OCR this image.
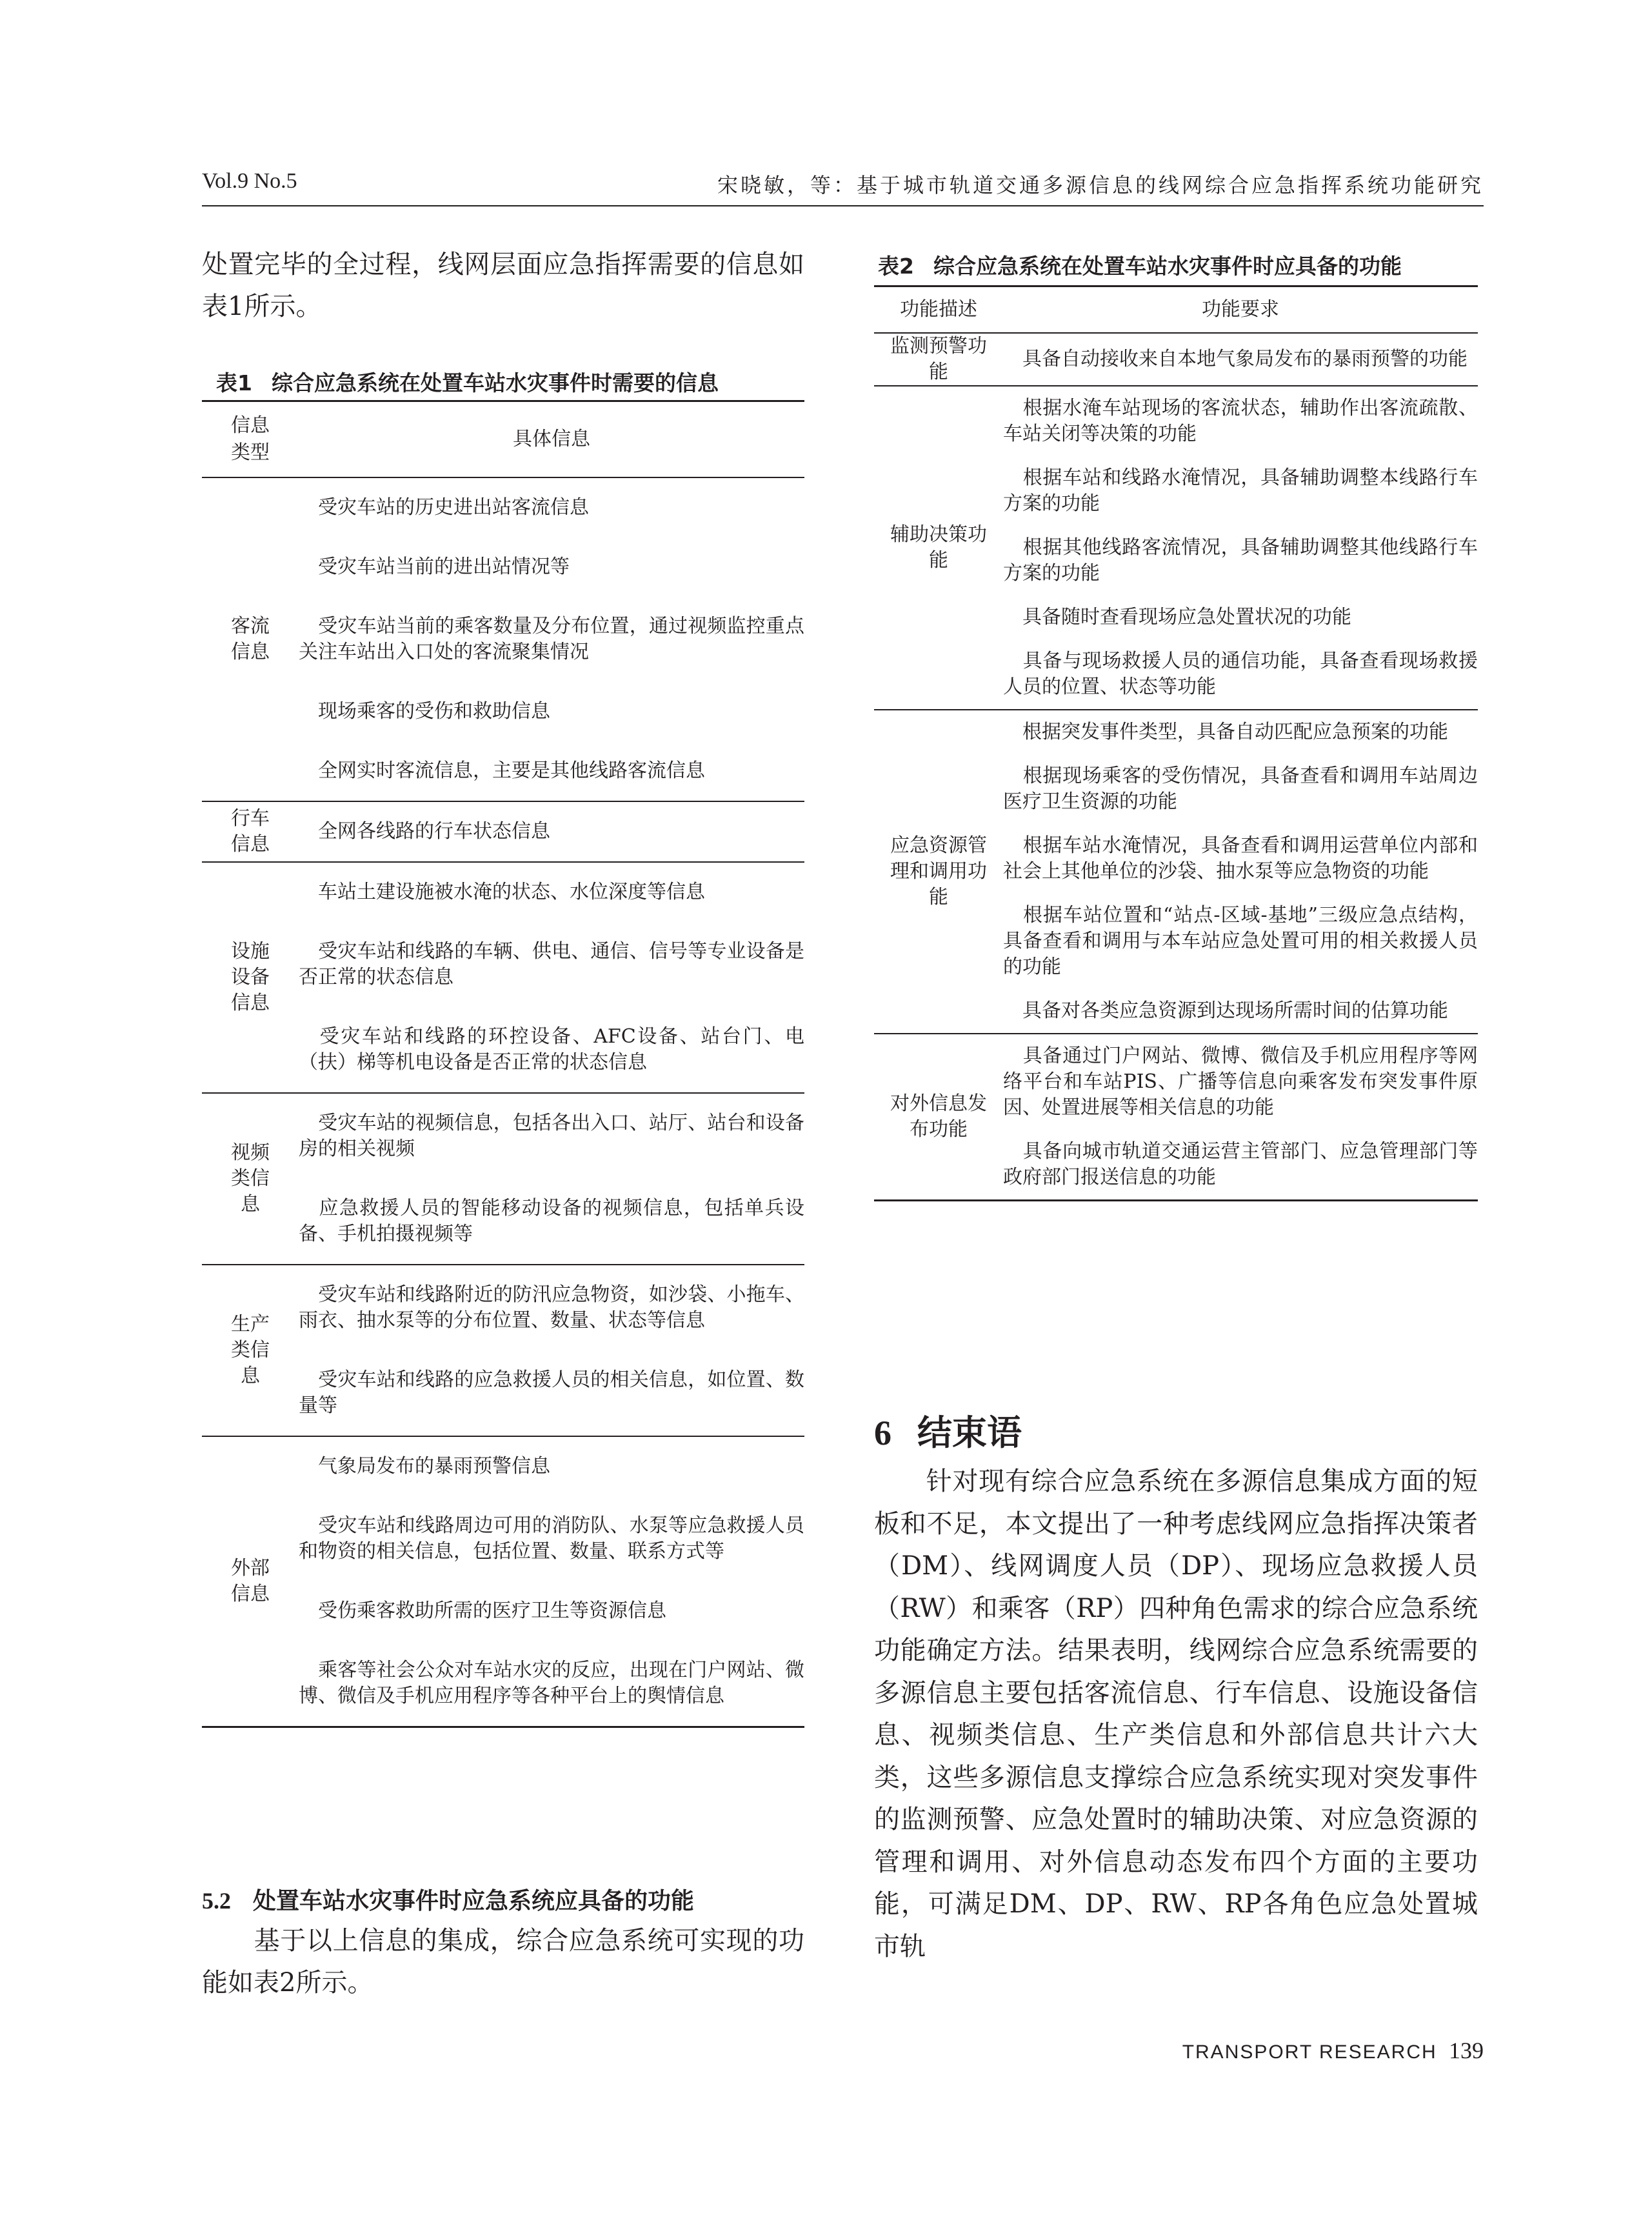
Vol.9 No.5	宋晓敏，等：基于城市轨道交通多源信息的线网综合应急指挥系统功能研究
处置完毕的全过程，线网层面应急指挥需要的信息如表1所示。
表1 综合应急系统在处置车站水灾事件时需要的信息
信息类型	具体信息

客流信息	受灾车站的历史进出站客流信息
	受灾车站当前的进出站情况等
	受灾车站当前的乘客数量及分布位置，通过视频监控重点关注车站出入口处的客流聚集情况
	现场乘客的受伤和救助信息
	全网实时客流信息，主要是其他线路客流信息

行车信息	全网各线路的行车状态信息

设施设备信息	车站土建设施被水淹的状态、水位深度等信息
	受灾车站和线路的车辆、供电、通信、信号等专业设备是否正常的状态信息
	受灾车站和线路的环控设备、AFC设备、站台门、电（扶）梯等机电设备是否正常的状态信息

视频类信息	受灾车站的视频信息，包括各出入口、站厅、站台和设备房的相关视频
	应急救援人员的智能移动设备的视频信息，包括单兵设备、手机拍摄视频等

生产类信息	受灾车站和线路附近的防汛应急物资，如沙袋、小拖车、雨衣、抽水泵等的分布位置、数量、状态等信息
	受灾车站和线路的应急救援人员的相关信息，如位置、数量等

外部信息	气象局发布的暴雨预警信息
	受灾车站和线路周边可用的消防队、水泵等应急救援人员和物资的相关信息，包括位置、数量、联系方式等
	受伤乘客救助所需的医疗卫生等资源信息
	乘客等社会公众对车站水灾的反应，出现在门户网站、微博、微信及手机应用程序等各种平台上的舆情信息
5.2 处置车站水灾事件时应急系统应具备的功能
基于以上信息的集成，综合应急系统可实现的功能如表2所示。
表2 综合应急系统在处置车站水灾事件时应具备的功能
功能描述	功能要求

监测预警功能	具备自动接收来自本地气象局发布的暴雨预警的功能

辅助决策功能	根据水淹车站现场的客流状态，辅助作出客流疏散、车站关闭等决策的功能
	根据车站和线路水淹情况，具备辅助调整本线路行车方案的功能
	根据其他线路客流情况，具备辅助调整其他线路行车方案的功能
	具备随时查看现场应急处置状况的功能
	具备与现场救援人员的通信功能，具备查看现场救援人员的位置、状态等功能

应急资源管理和调用功能	根据突发事件类型，具备自动匹配应急预案的功能
	根据现场乘客的受伤情况，具备查看和调用车站周边医疗卫生资源的功能
	根据车站水淹情况，具备查看和调用运营单位内部和社会上其他单位的沙袋、抽水泵等应急物资的功能
	根据车站位置和“站点-区域-基地”三级应急点结构，具备查看和调用与本车站应急处置可用的相关救援人员的功能
	具备对各类应急资源到达现场所需时间的估算功能

对外信息发布功能	具备通过门户网站、微博、微信及手机应用程序等网络平台和车站PIS、广播等信息向乘客发布突发事件原因、处置进展等相关信息的功能
	具备向城市轨道交通运营主管部门、应急管理部门等政府部门报送信息的功能
6 结束语
针对现有综合应急系统在多源信息集成方面的短板和不足，本文提出了一种考虑线网应急指挥决策者（DM）、线网调度人员（DP）、现场应急救援人员（RW）和乘客（RP）四种角色需求的综合应急系统功能确定方法。结果表明，线网综合应急系统需要的多源信息主要包括客流信息、行车信息、设施设备信息、视频类信息、生产类信息和外部信息共计六大类，这些多源信息支撑综合应急系统实现对突发事件的监测预警、应急处置时的辅助决策、对应急资源的管理和调用、对外信息动态发布四个方面的主要功能，可满足DM、DP、RW、RP各角色应急处置城市轨
TRANSPORT RESEARCH 139
